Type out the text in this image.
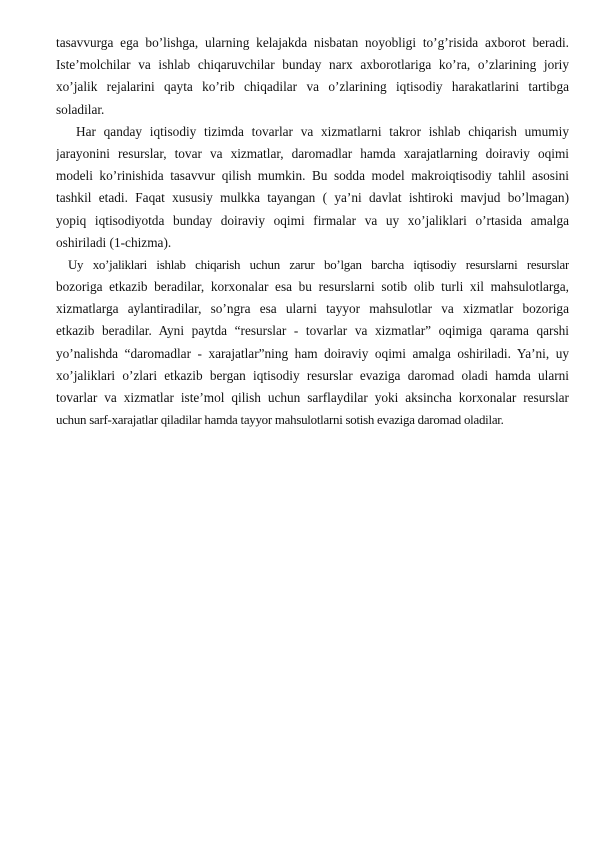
tasavvurga ega bo’lishga, ularning kelajakda nisbatan noyobligi to’g’risida axborot beradi.
Iste’molchilar va ishlab chiqaruvchilar bunday narx axborotlariga ko’ra, o’zlarining joriy
xo’jalik rejalarini qayta ko’rib chiqadilar va o’zlarining iqtisodiy harakatlarini tartibga
soladilar.
Har qanday iqtisodiy tizimda tovarlar va xizmatlarni takror ishlab chiqarish umumiy
jarayonini resurslar, tovar va xizmatlar, daromadlar hamda xarajatlarning doiraviy oqimi
modeli ko’rinishida tasavvur qilish mumkin. Bu sodda model makroiqtisodiy tahlil asosini
tashkil etadi. Faqat xususiy mulkka tayangan ( ya’ni davlat ishtiroki mavjud bo’lmagan)
yopiq iqtisodiyotda bunday doiraviy oqimi firmalar va uy xo’jaliklari o’rtasida amalga
oshiriladi (1-chizma).
Uy xo’jaliklari ishlab chiqarish uchun zarur bo’lgan barcha iqtisodiy resurslarni resurslar
bozoriga etkazib beradilar, korxonalar esa bu resurslarni sotib olib turli xil mahsulotlarga,
xizmatlarga aylantiradilar, so’ngra esa ularni tayyor mahsulotlar va xizmatlar bozoriga
etkazib beradilar. Ayni paytda “resurslar - tovarlar va xizmatlar” oqimiga qarama qarshi
yo’nalishda “daromadlar - xarajatlar”ning ham doiraviy oqimi amalga oshiriladi. Ya’ni, uy
xo’jaliklari o’zlari etkazib bergan iqtisodiy resurslar evaziga daromad oladi hamda ularni
tovarlar va xizmatlar iste’mol qilish uchun sarflaydilar yoki aksincha korxonalar resurslar
uchun sarf-xarajatlar qiladilar hamda tayyor mahsulotlarni sotish evaziga daromad oladilar.
